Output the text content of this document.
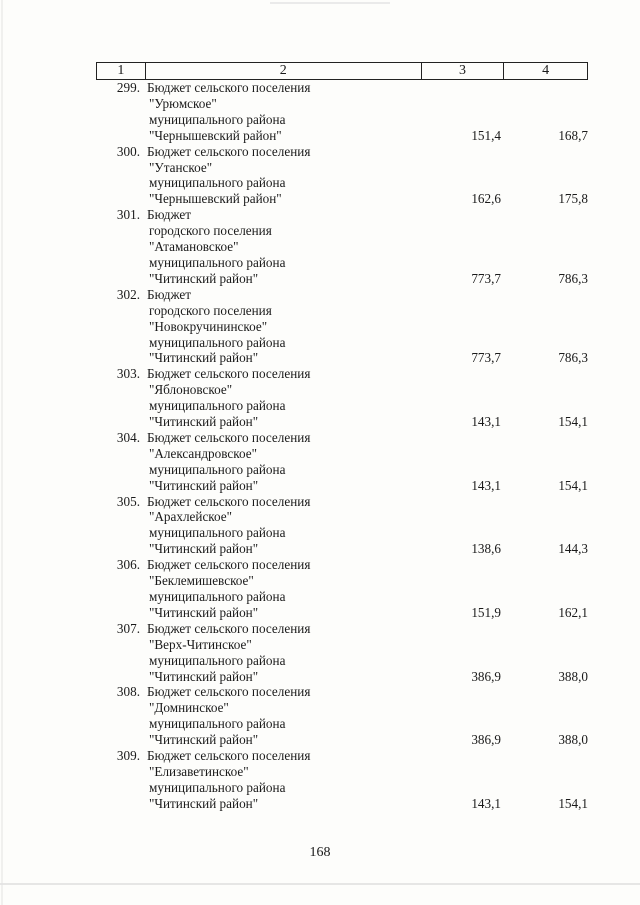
1	2	3	4
299. Бюджет сельского поселения
"Урюмское"
муниципального района
"Чернышевский район"	151,4	168,7
300. Бюджет сельского поселения
"Утанское"
муниципального района
"Чернышевский район"	162,6	175,8
301. Бюджет
городского поселения
"Атамановское"
муниципального района
"Читинский район"	773,7	786,3
302. Бюджет
городского поселения
"Новокручининское"
муниципального района
"Читинский район"	773,7	786,3
303. Бюджет сельского поселения
"Яблоновское"
муниципального района
"Читинский район"	143,1	154,1
304. Бюджет сельского поселения
"Александровское"
муниципального района
"Читинский район"	143,1	154,1
305. Бюджет сельского поселения
"Арахлейское"
муниципального района
"Читинский район"	138,6	144,3
306. Бюджет сельского поселения
"Беклемишевское"
муниципального района
"Читинский район"	151,9	162,1
307. Бюджет сельского поселения
"Верх-Читинское"
муниципального района
"Читинский район"	386,9	388,0
308. Бюджет сельского поселения
"Домнинское"
муниципального района
"Читинский район"	386,9	388,0
309. Бюджет сельского поселения
"Елизаветинское"
муниципального района
"Читинский район"	143,1	154,1
168
